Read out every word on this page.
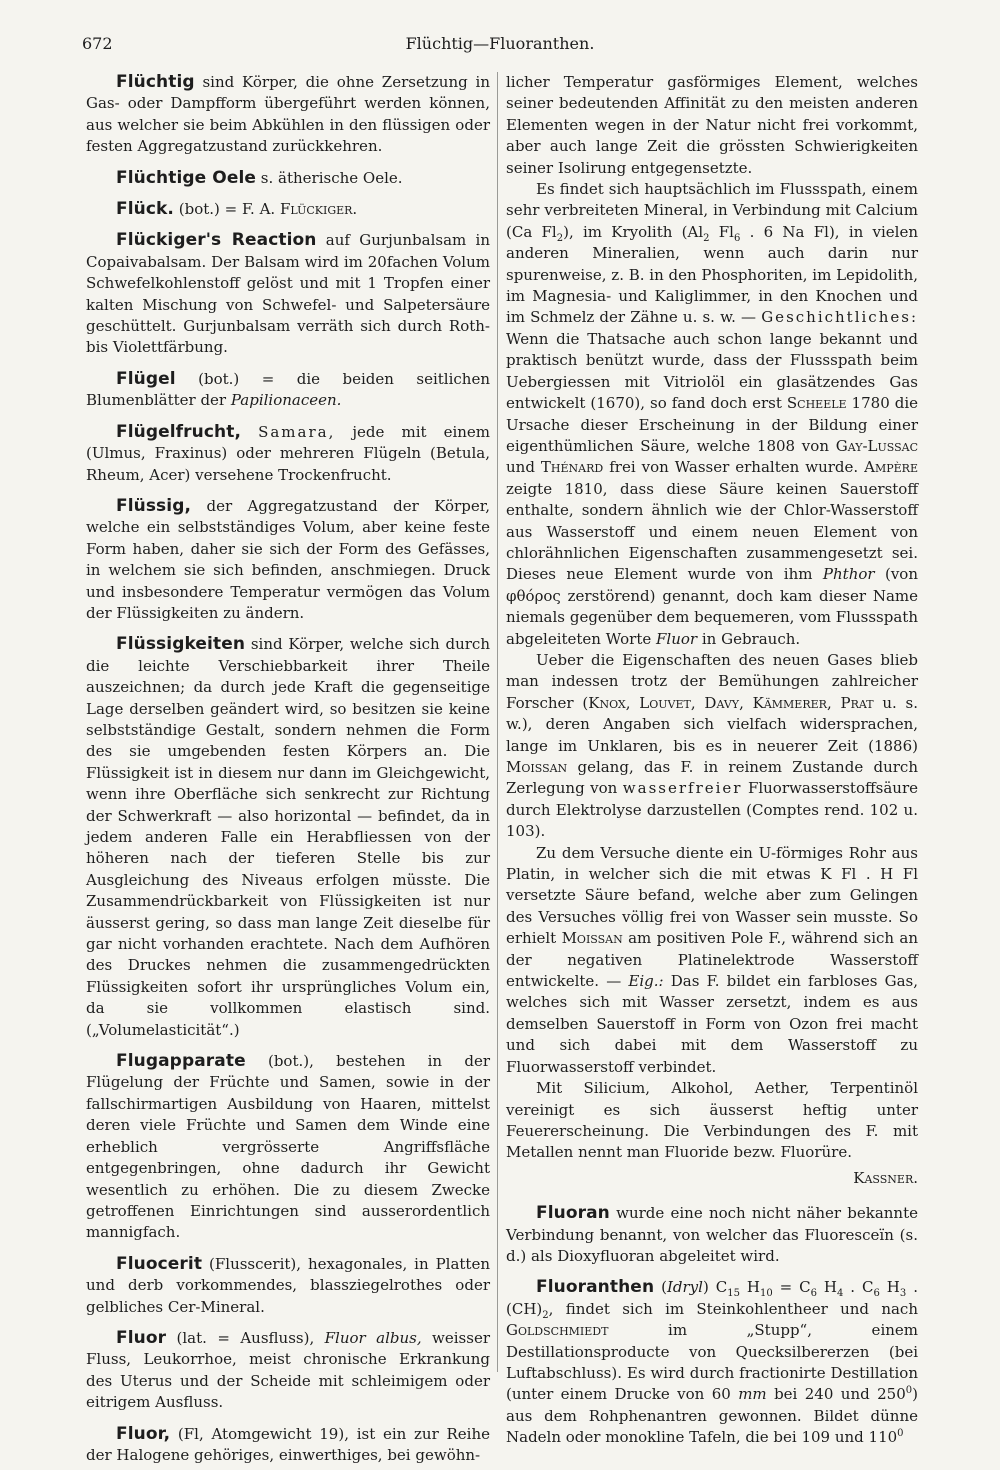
672	Flüchtig—Fluoranthen.

Flüchtig sind Körper, die ohne Zersetzung in Gas- oder Dampfform übergeführt werden können, aus welcher sie beim Abkühlen in den flüssigen oder festen Aggregatzustand zurückkehren.

Flüchtige Oele s. ätherische Oele.

Flück. (bot.) = F. A. Flückiger.

Flückiger's Reaction auf Gurjunbalsam in Copaivabalsam. Der Balsam wird im 20fachen Volum Schwefelkohlenstoff gelöst und mit 1 Tropfen einer kalten Mischung von Schwefel- und Salpetersäure geschüttelt. Gurjunbalsam verräth sich durch Roth- bis Violettfärbung.

Flügel (bot.) = die beiden seitlichen Blumenblätter der Papilionaceen.

Flügelfrucht, Samara, jede mit einem (Ulmus, Fraxinus) oder mehreren Flügeln (Betula, Rheum, Acer) versehene Trockenfrucht.

Flüssig, der Aggregatzustand der Körper, welche ein selbstständiges Volum, aber keine feste Form haben, daher sie sich der Form des Gefässes, in welchem sie sich befinden, anschmiegen. Druck und insbesondere Temperatur vermögen das Volum der Flüssigkeiten zu ändern.

Flüssigkeiten sind Körper, welche sich durch die leichte Verschiebbarkeit ihrer Theile auszeichnen; da durch jede Kraft die gegenseitige Lage derselben geändert wird, so besitzen sie keine selbstständige Gestalt, sondern nehmen die Form des sie umgebenden festen Körpers an. Die Flüssigkeit ist in diesem nur dann im Gleichgewicht, wenn ihre Oberfläche sich senkrecht zur Richtung der Schwerkraft — also horizontal — befindet, da in jedem anderen Falle ein Herabfliessen von der höheren nach der tieferen Stelle bis zur Ausgleichung des Niveaus erfolgen müsste. Die Zusammendrückbarkeit von Flüssigkeiten ist nur äusserst gering, so dass man lange Zeit dieselbe für gar nicht vorhanden erachtete. Nach dem Aufhören des Druckes nehmen die zusammengedrückten Flüssigkeiten sofort ihr ursprüngliches Volum ein, da sie vollkommen elastisch sind. („Volumelasticität“.)

Flugapparate (bot.), bestehen in der Flügelung der Früchte und Samen, sowie in der fallschirmartigen Ausbildung von Haaren, mittelst deren viele Früchte und Samen dem Winde eine erheblich vergrösserte Angriffsfläche entgegenbringen, ohne dadurch ihr Gewicht wesentlich zu erhöhen. Die zu diesem Zwecke getroffenen Einrichtungen sind ausserordentlich mannigfach.

Fluocerit (Flusscerit), hexagonales, in Platten und derb vorkommendes, blassziegelrothes oder gelbliches Cer-Mineral.

Fluor (lat. = Ausfluss), Fluor albus, weisser Fluss, Leukorrhoe, meist chronische Erkrankung des Uterus und der Scheide mit schleimigem oder eitrigem Ausfluss.

Fluor, (Fl, Atomgewicht 19), ist ein zur Reihe der Halogene gehöriges, einwerthiges, bei gewöhn-

licher Temperatur gasförmiges Element, welches seiner bedeutenden Affinität zu den meisten anderen Elementen wegen in der Natur nicht frei vorkommt, aber auch lange Zeit die grössten Schwierigkeiten seiner Isolirung entgegensetzte.

Es findet sich hauptsächlich im Flussspath, einem sehr verbreiteten Mineral, in Verbindung mit Calcium (Ca $Fl_2$), im Kryolith ($Al_2$ $Fl_6$ . 6 Na Fl), in vielen anderen Mineralien, wenn auch darin nur spurenweise, z. B. in den Phosphoriten, im Lepidolith, im Magnesia- und Kaliglimmer, in den Knochen und im Schmelz der Zähne u. s. w. — Geschichtliches: Wenn die Thatsache auch schon lange bekannt und praktisch benützt wurde, dass der Flussspath beim Uebergiessen mit Vitriolöl ein glasätzendes Gas entwickelt (1670), so fand doch erst Scheele 1780 die Ursache dieser Erscheinung in der Bildung einer eigenthümlichen Säure, welche 1808 von Gay-Lussac und Thénard frei von Wasser erhalten wurde. Ampère zeigte 1810, dass diese Säure keinen Sauerstoff enthalte, sondern ähnlich wie der Chlor-Wasserstoff aus Wasserstoff und einem neuen Element von chlorähnlichen Eigenschaften zusammengesetzt sei. Dieses neue Element wurde von ihm Phthor (von φθόρος zerstörend) genannt, doch kam dieser Name niemals gegenüber dem bequemeren, vom Flussspath abgeleiteten Worte Fluor in Gebrauch.

Ueber die Eigenschaften des neuen Gases blieb man indessen trotz der Bemühungen zahlreicher Forscher (Knox, Louvet, Davy, Kämmerer, Prat u. s. w.), deren Angaben sich vielfach widersprachen, lange im Unklaren, bis es in neuerer Zeit (1886) Moissan gelang, das F. in reinem Zustande durch Zerlegung von wasserfreier Fluorwasserstoffsäure durch Elektrolyse darzustellen (Comptes rend. 102 u. 103).

Zu dem Versuche diente ein U-förmiges Rohr aus Platin, in welcher sich die mit etwas K Fl . H Fl versetzte Säure befand, welche aber zum Gelingen des Versuches völlig frei von Wasser sein musste. So erhielt Moissan am positiven Pole F., während sich an der negativen Platinelektrode Wasserstoff entwickelte. — Eig.: Das F. bildet ein farbloses Gas, welches sich mit Wasser zersetzt, indem es aus demselben Sauerstoff in Form von Ozon frei macht und sich dabei mit dem Wasserstoff zu Fluorwasserstoff verbindet.

Mit Silicium, Alkohol, Aether, Terpentinöl vereinigt es sich äusserst heftig unter Feuererscheinung. Die Verbindungen des F. mit Metallen nennt man Fluoride bezw. Fluorüre.

Kassner.

Fluoran wurde eine noch nicht näher bekannte Verbindung benannt, von welcher das Fluoresceïn (s. d.) als Dioxyfluoran abgeleitet wird.

Fluoranthen (Idryl) $C_{15}$ $H_{10} = C_6$ $H_4$ . $C_6$ $H_3$ . $(CH)_2$, findet sich im Steinkohlentheer und nach Goldschmiedt im „Stupp“, einem Destillationsproducte von Quecksilbererzen (bei Luftabschluss). Es wird durch fractionirte Destillation (unter einem Drucke von 60 mm bei 240 und $250^0$) aus dem Rohphenantren gewonnen. Bildet dünne Nadeln oder monokline Tafeln, die bei 109 und $110^0$
